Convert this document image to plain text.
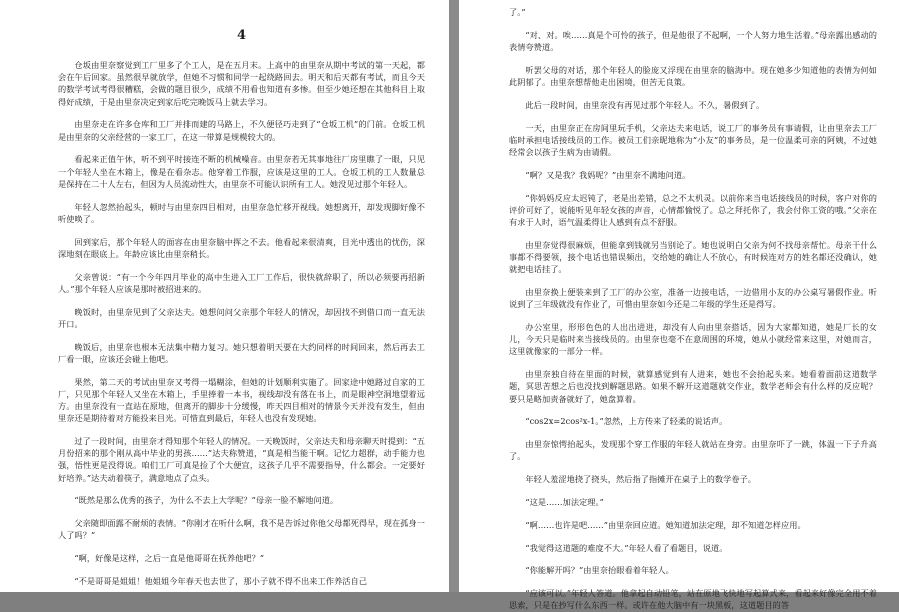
4

仓坂由里奈察觉到工厂里多了个工人，是在五月末。上高中的由里奈从期中考试的第一天起，都会在午后回家。虽然很早就放学，但她不习惯和同学一起绕路回去。明天和后天都有考试，而且今天的数学考试考得很糟糕，会做的题目很少，成绩不用看也知道有多惨。但至少她还想在其他科目上取得好成绩，于是由里奈决定到家后吃完晚饭马上就去学习。

由里奈走在许多仓库和工厂并排而建的马路上，不久便径巧走到了“仓坂工机”的门前。仓坂工机是由里奈的父亲经营的一家工厂，在这一带算是规模较大的。

看起来正值午休，听不到平时接连不断的机械噪音。由里奈若无其事地往厂房里瞧了一眼，只见一个年轻人坐在木箱上，像是在看杂志。他穿着工作服，应该是这里的工人。仓坂工机的工人数量总是保持在二十人左右，但因为人员流动性大，由里奈不可能认识所有工人。她没见过那个年轻人。

年轻人忽然抬起头，顿时与由里奈四目相对，由里奈急忙移开视线。她想离开，却发现脚好像不听使唤了。

回到家后，那个年轻人的面容在由里奈脑中挥之不去。他看起来很清爽，目光中透出的忧伤，深深地刻在眼底上。年龄应该比由里奈稍长。

父亲曾说：“有一个今年四月毕业的高中生进入工厂工作后，很快就辞职了，所以必须要再招新人。”那个年轻人应该是那时被招进来的。

晚饭时，由里奈见到了父亲达夫。她想问问父亲那个年轻人的情况，却因找不到借口而一直无法开口。

晚饭后，由里奈也根本无法集中精力复习。她只想着明天要在大约同样的时间回来，然后再去工厂看一眼，应该还会碰上他吧。

果然，第二天的考试由里奈又考得一塌糊涂，但她的计划顺利实施了。回家途中她路过自家的工厂，只见那个年轻人又坐在木箱上，手里捧着一本书，视线却没有落在书上，而是眼神空洞地望着远方。由里奈没有一直站在原地，但离开的脚步十分缓慢，昨天四目相对的情景今天并没有发生，但由里奈还是期待着对方能投来目光。可惜直到最后，年轻人也没有发现她。

过了一段时间，由里奈才得知那个年轻人的情况。一天晚饭时，父亲达夫和母亲聊天时提到：“五月份招来的那个刚从高中毕业的男孩……”达夫称赞道，“真是相当能干啊。记忆力超群，动手能力也强，悟性更是没得说。咱们工厂可真是捡了个大便宜，这孩子几乎不需要指导，什么都会。一定要好好培养。”达夫动着筷子，满意地点了点头。

“既然是那么优秀的孩子，为什么不去上大学呢？”母亲一脸不解地问道。

父亲随即面露不耐烦的表情。“你刚才在听什么啊，我不是告诉过你他父母都死得早，现在孤身一人了吗？”

“啊，好像是这样，之后一直是他哥哥在抚养他吧？”

“不是哥哥是姐姐！他姐姐今年春天也去世了，那小子就不得不出来工作养活自己

了。”

“对、对。唉……真是个可怜的孩子，但是他很了不起啊，一个人努力地生活着。”母亲露出感动的表情夸赞道。

听罢父母的对话，那个年轻人的脸庞又浮现在由里奈的脑海中。现在她多少知道他的表情为何如此阴郁了。由里奈想帮他走出困境，但苦无良策。

此后一段时间，由里奈没有再见过那个年轻人。不久，暑假到了。

一天，由里奈正在房间里玩手机，父亲达夫来电话，说工厂的事务员有事请假，让由里奈去工厂临时承担电话接线员的工作。被员工们亲昵地称为“小友”的事务员，是一位温柔可亲的阿姨，不过她经常会以孩子生病为由请假。

“啊？又是我？我妈呢？”由里奈不满地问道。

“你妈妈反应太迟钝了，老是出差错，总之不太机灵。以前你来当电话接线员的时候，客户对你的评价可好了，说能听见年轻女孩的声音，心情都愉悦了。总之拜托你了，我会付你工资的哦。”父亲在有求于人时，语气温柔得让人感到有点不舒服。

由里奈觉得很麻烦，但能拿到钱就另当别论了。她也说明白父亲为何不找母亲帮忙。母亲干什么事都不得要领，接个电话也错误频出，交给她的确让人不放心，有时候连对方的姓名都还没确认，她就把电话挂了。

由里奈换上便装来到了工厂的办公室，准备一边接电话，一边借用小友的办公桌写暑假作业。听说到了三年级就没有作业了，可惜由里奈如今还是二年级的学生还是得写。

办公室里，形形色色的人出出进进，却没有人向由里奈搭话，因为大家都知道，她是厂长的女儿，今天只是临时来当接线员的。由里奈也毫不在意周围的环境，她从小就经常来这里，对她而言，这里就像家的一部分一样。

由里奈独自待在里面的时候，就算感觉到有人进来，她也不会抬起头来。她看着面前这道数学题，冥思苦想之后也没找到解题思路。如果不解开这道题就交作业，数学老师会有什么样的反应呢？要只是略加责备就好了，她盘算着。

“cos2x=2cos²x-1。”忽然，上方传来了轻柔的说话声。

由里奈惊愕抬起头，发现那个穿工作服的年轻人就站在身旁。由里奈吓了一跳，体温一下子升高了。

年轻人羞涩地挠了挠头，然后指了指摊开在桌子上的数学卷子。

“这是……加法定理。”

“啊……也许是吧……”由里奈回应道。她知道加法定理，却不知道怎样应用。

“我觉得这道题的难度不大。”年轻人看了看题目，说道。

“你能解开吗？”由里奈抬眼看着年轻人。

“应该可以。”年轻人答道。他拿起自动铅笔，站在原地飞快地写起算式来，看起来好像完全用不着思索，只是在抄写什么东西一样。或许在他大脑中有一块黑板，这道题目的答
